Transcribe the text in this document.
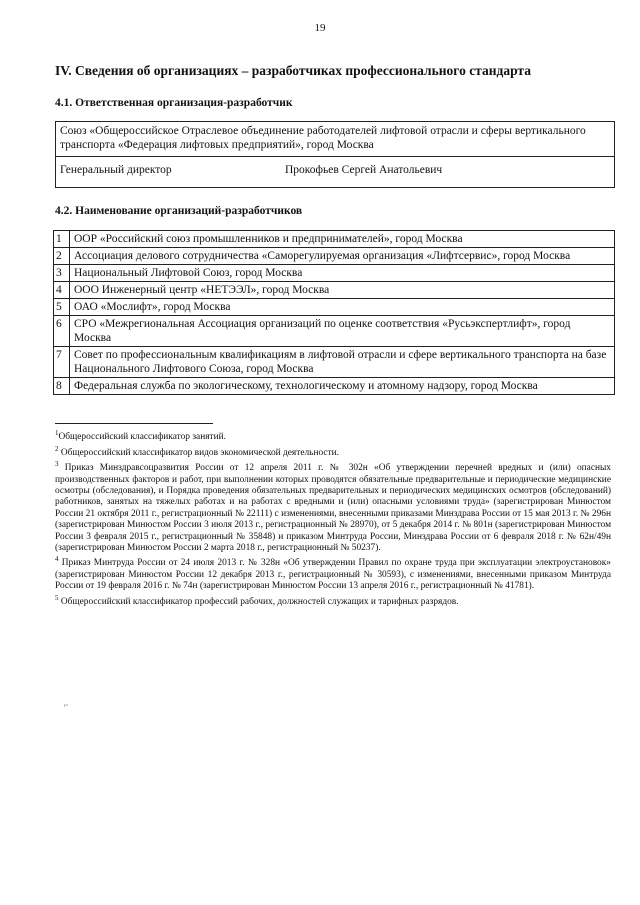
19
IV. Сведения об организациях – разработчиках профессионального стандарта
4.1. Ответственная организация-разработчик
Союз «Общероссийское Отраслевое объединение работодателей лифтовой отрасли и сферы вертикального транспорта «Федерация лифтовых предприятий», город Москва
Генеральный директор	Прокофьев Сергей Анатольевич
4.2. Наименование организаций-разработчиков
1	ООР «Российский союз промышленников и предпринимателей», город Москва
2	Ассоциация делового сотрудничества «Саморегулируемая организация «Лифтсервис», город Москва
3	Национальный Лифтовой Союз, город Москва
4	ООО Инженерный центр «НЕТЭЭЛ», город Москва
5	ОАО «Мослифт», город Москва
6	СРО «Межрегиональная Ассоциация организаций по оценке соответствия «Русьэкспертлифт», город Москва
7	Совет по профессиональным квалификациям в лифтовой отрасли и сфере вертикального транспорта на базе Национального Лифтового Союза, город Москва
8	Федеральная служба по экологическому, технологическому и атомному надзору, город Москва

$^1$Общероссийский классификатор занятий.

$^2$ Общероссийский классификатор видов экономической деятельности.

$^3$ Приказ Минздравсоцразвития России от 12 апреля 2011 г. № 302н «Об утверждении перечней вредных и (или) опасных производственных факторов и работ, при выполнении которых проводятся обязательные предварительные и периодические медицинские осмотры (обследования), и Порядка проведения обязательных предварительных и периодических медицинских осмотров (обследований) работников, занятых на тяжелых работах и на работах с вредными и (или) опасными условиями труда» (зарегистрирован Минюстом России 21 октября 2011 г., регистрационный № 22111) с изменениями, внесенными приказами Минздрава России от 15 мая 2013 г. № 296н (зарегистрирован Минюстом России 3 июля 2013 г., регистрационный № 28970), от 5 декабря 2014 г. № 801н (зарегистрирован Минюстом России 3 февраля 2015 г., регистрационный № 35848) и приказом Минтруда России, Минздрава России от 6 февраля 2018 г. № 62н/49н (зарегистрирован Минюстом России 2 марта 2018 г., регистрационный № 50237).

$^4$ Приказ Минтруда России от 24 июля 2013 г. № 328н «Об утверждении Правил по охране труда при эксплуатации электроустановок» (зарегистрирован Минюстом России 12 декабря 2013 г., регистрационный № 30593), с изменениями, внесенными приказом Минтруда России от 19 февраля 2016 г. № 74н (зарегистрирован Минюстом России 13 апреля 2016 г., регистрационный № 41781).

$^5$ Общероссийский классификатор профессий рабочих, должностей служащих и тарифных разрядов.

'`
